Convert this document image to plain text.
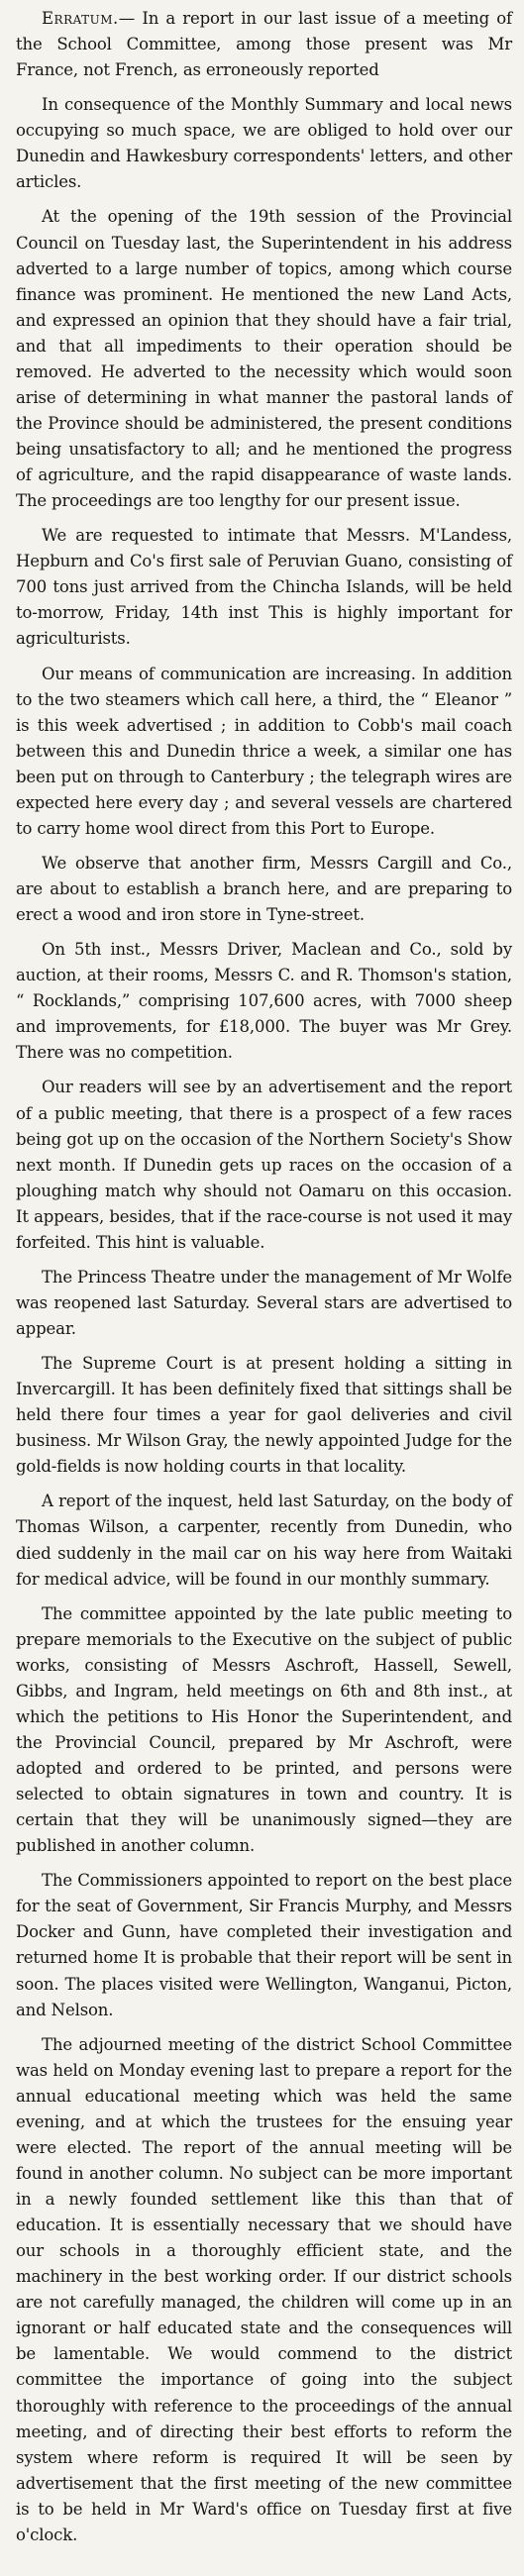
Erratum.— In a report in our last issue of a meeting of the School Committee, among those present was Mr France, not French, as erroneously reported

In consequence of the Monthly Summary and local news occupying so much space, we are obliged to hold over our Dunedin and Hawkesbury correspondents' letters, and other articles.

At the opening of the 19th session of the Provincial Council on Tuesday last, the Superintendent in his address adverted to a large number of topics, among which course finance was prominent. He mentioned the new Land Acts, and expressed an opinion that they should have a fair trial, and that all impediments to their operation should be removed. He adverted to the necessity which would soon arise of determining in what manner the pastoral lands of the Province should be administered, the present conditions being unsatisfactory to all; and he mentioned the progress of agriculture, and the rapid disappearance of waste lands. The proceedings are too lengthy for our present issue.

We are requested to intimate that Messrs. M'Landess, Hepburn and Co's first sale of Peruvian Guano, consisting of 700 tons just arrived from the Chincha Islands, will be held to-morrow, Friday, 14th inst This is highly important for agriculturists.

Our means of communication are increasing. In addition to the two steamers which call here, a third, the “ Eleanor ” is this week advertised ; in addition to Cobb's mail coach between this and Dunedin thrice a week, a similar one has been put on through to Canterbury ; the telegraph wires are expected here every day ; and several vessels are chartered to carry home wool direct from this Port to Europe.

We observe that another firm, Messrs Cargill and Co., are about to establish a branch here, and are preparing to erect a wood and iron store in Tyne-street.

On 5th inst., Messrs Driver, Maclean and Co., sold by auction, at their rooms, Messrs C. and R. Thomson's station, “ Rocklands,” comprising 107,600 acres, with 7000 sheep and improvements, for £18,000. The buyer was Mr Grey. There was no competition.

Our readers will see by an advertisement and the report of a public meeting, that there is a prospect of a few races being got up on the occasion of the Northern Society's Show next month. If Dunedin gets up races on the occasion of a ploughing match why should not Oamaru on this occasion. It appears, besides, that if the race-course is not used it may forfeited. This hint is valuable.

The Princess Theatre under the management of Mr Wolfe was reopened last Saturday. Several stars are advertised to appear.

The Supreme Court is at present holding a sitting in Invercargill. It has been definitely fixed that sittings shall be held there four times a year for gaol deliveries and civil business. Mr Wilson Gray, the newly appointed Judge for the gold-fields is now holding courts in that locality.

A report of the inquest, held last Saturday, on the body of Thomas Wilson, a carpenter, recently from Dunedin, who died suddenly in the mail car on his way here from Waitaki for medical advice, will be found in our monthly summary.

The committee appointed by the late public meeting to prepare memorials to the Executive on the subject of public works, consisting of Messrs Aschroft, Hassell, Sewell, Gibbs, and Ingram, held meetings on 6th and 8th inst., at which the petitions to His Honor the Superintendent, and the Provincial Council, prepared by Mr Aschroft, were adopted and ordered to be printed, and persons were selected to obtain signatures in town and country. It is certain that they will be unanimously signed—they are published in another column.

The Commissioners appointed to report on the best place for the seat of Government, Sir Francis Murphy, and Messrs Docker and Gunn, have completed their investigation and returned home It is probable that their report will be sent in soon. The places visited were Wellington, Wanganui, Picton, and Nelson.

The adjourned meeting of the district School Committee was held on Monday evening last to prepare a report for the annual educational meeting which was held the same evening, and at which the trustees for the ensuing year were elected. The report of the annual meeting will be found in another column. No subject can be more important in a newly founded settlement like this than that of education. It is essentially necessary that we should have our schools in a thoroughly efficient state, and the machinery in the best working order. If our district schools are not carefully managed, the children will come up in an ignorant or half educated state and the consequences will be lamentable. We would commend to the district committee the importance of going into the subject thoroughly with reference to the proceedings of the annual meeting, and of directing their best efforts to reform the system where reform is required It will be seen by advertisement that the first meeting of the new committee is to be held in Mr Ward's office on Tuesday first at five o'clock.
